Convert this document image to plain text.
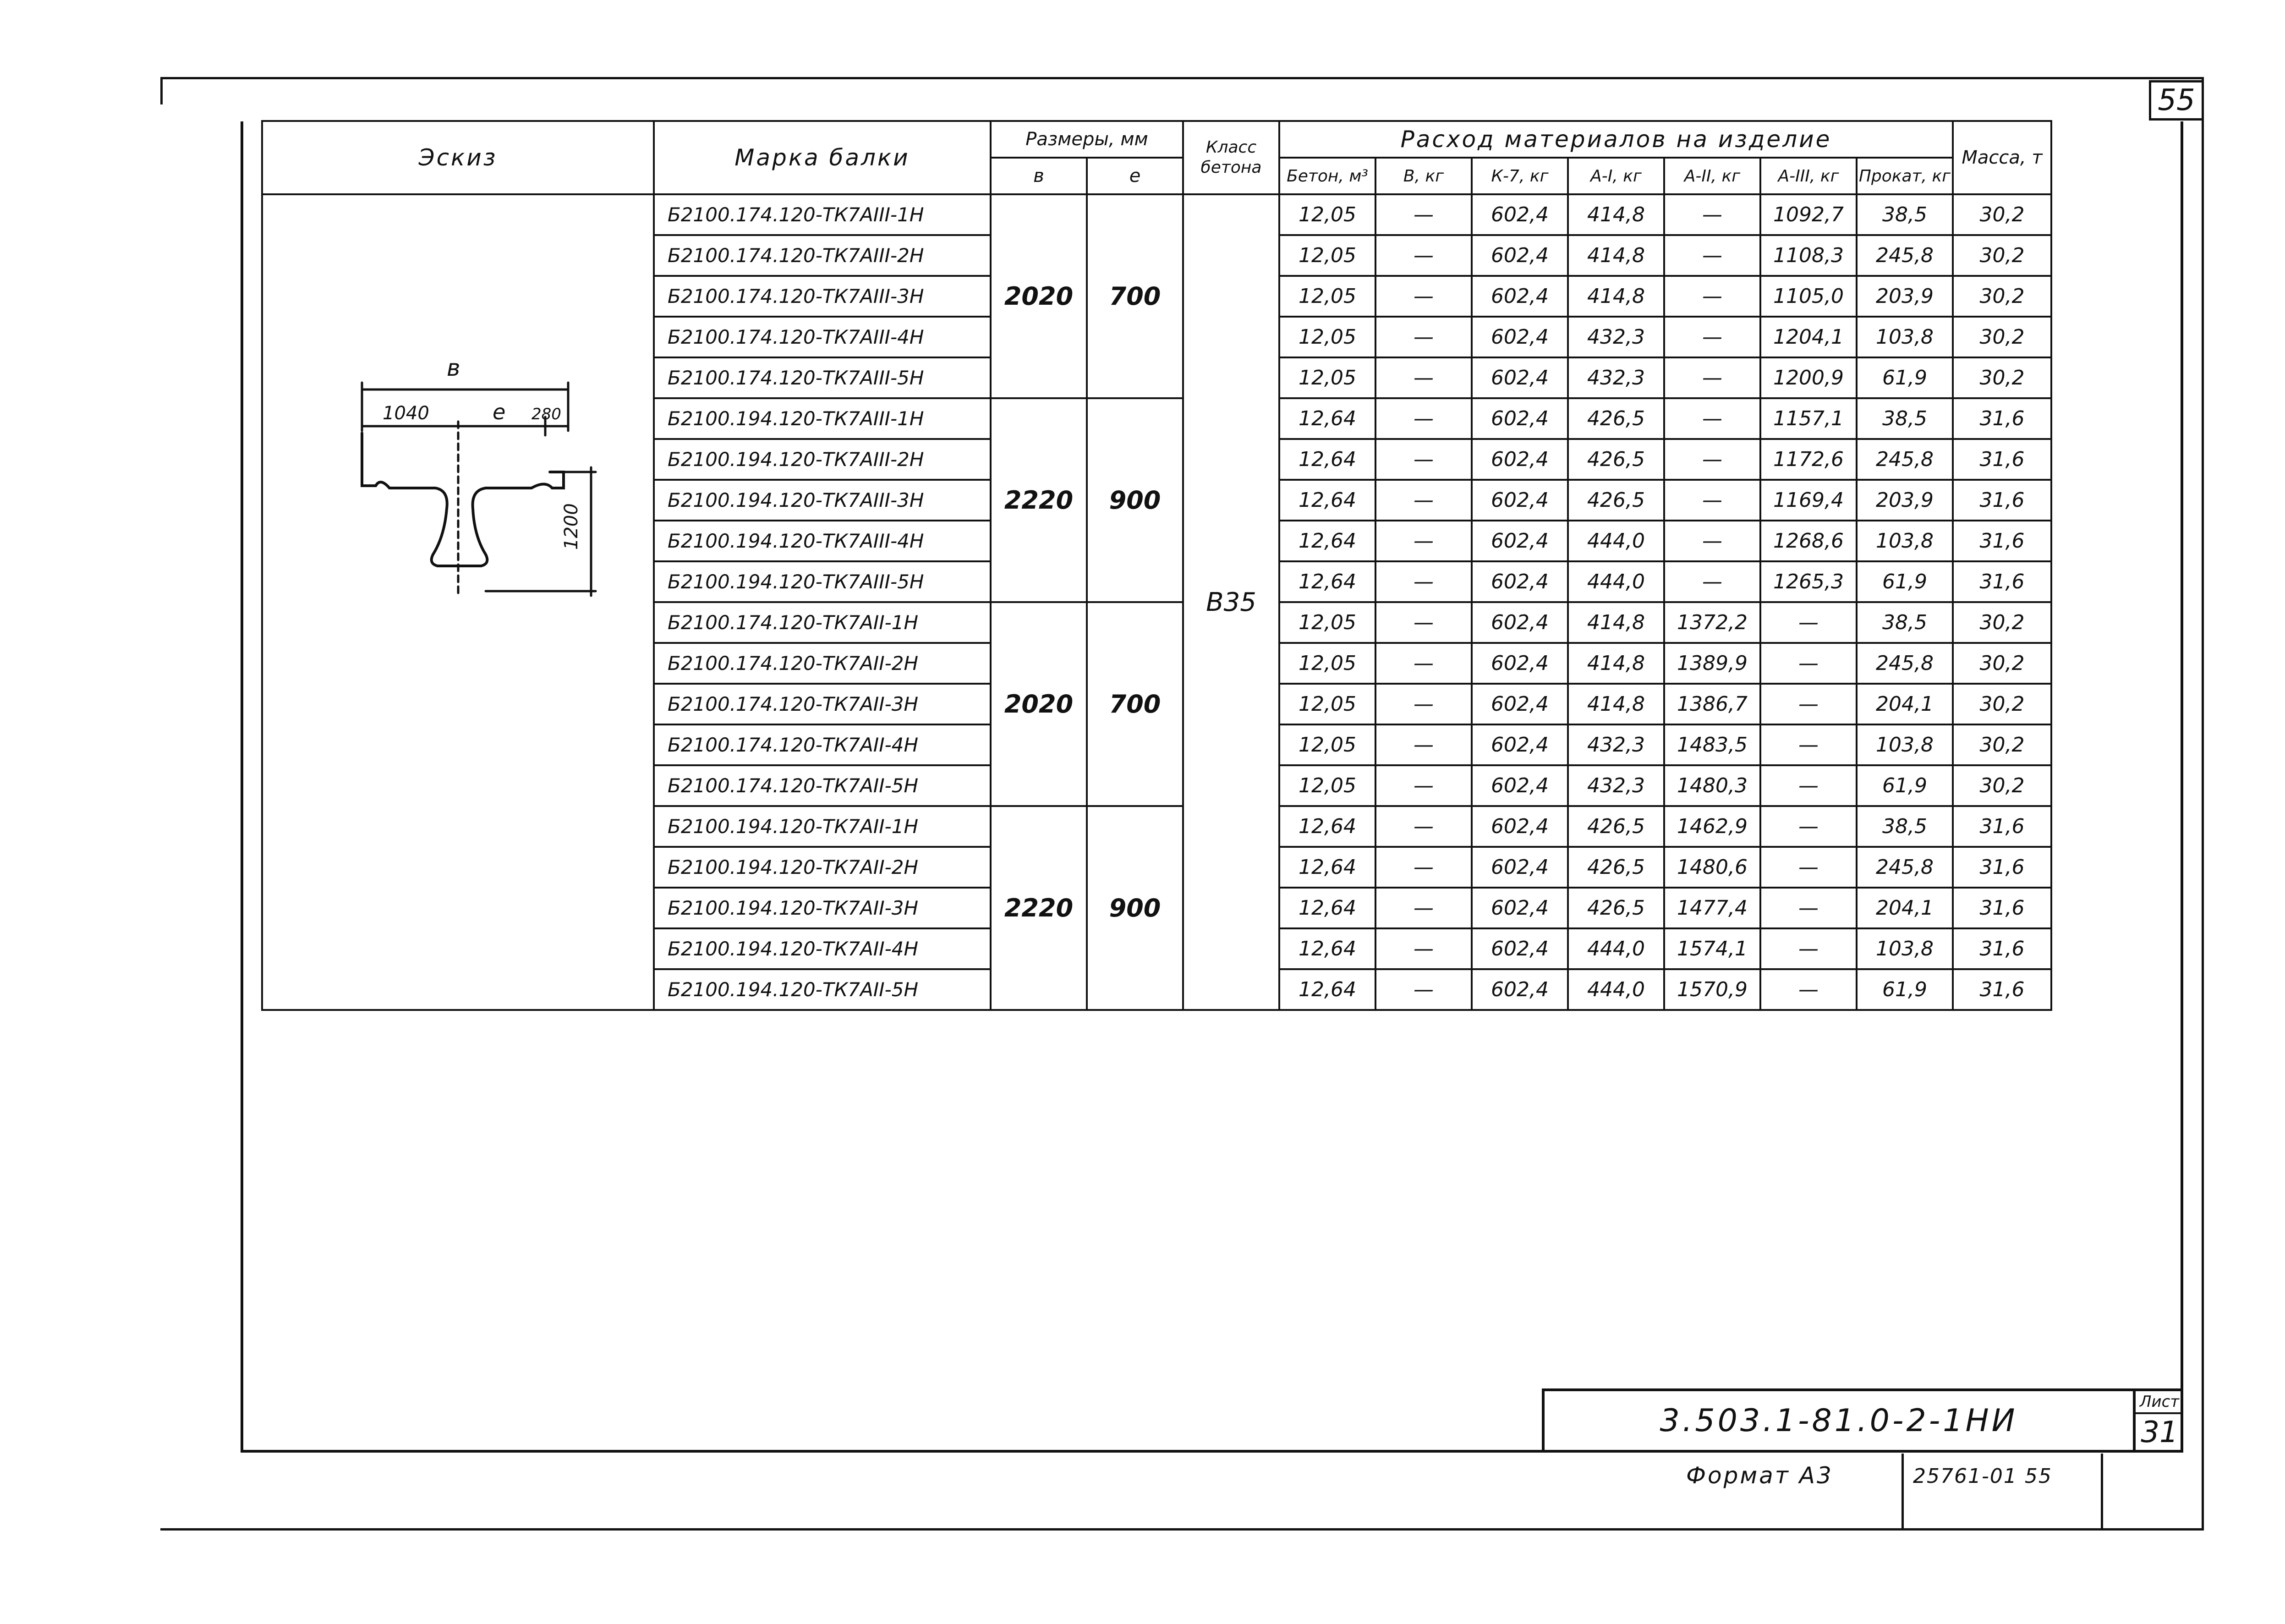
55
Эскиз	Марка балки	Размеры, мм		Класс бетона	Расход материалов на изделие							Масса, т
		в	е		Бетон, м³	В, кг	К-7, кг	А-I, кг	А-II, кг	А-III, кг	Прокат, кг	
	Б2100.174.120-ТК7АIII-1Н	2020	700	В35	12,05	—	602,4	414,8	—	1092,7	38,5	30,2
	Б2100.174.120-ТК7АIII-2Н				12,05	—	602,4	414,8	—	1108,3	245,8	30,2
	Б2100.174.120-ТК7АIII-3Н				12,05	—	602,4	414,8	—	1105,0	203,9	30,2
	Б2100.174.120-ТК7АIII-4Н				12,05	—	602,4	432,3	—	1204,1	103,8	30,2
	Б2100.174.120-ТК7АIII-5Н				12,05	—	602,4	432,3	—	1200,9	61,9	30,2
	Б2100.194.120-ТК7АIII-1Н	2220	900		12,64	—	602,4	426,5	—	1157,1	38,5	31,6
	Б2100.194.120-ТК7АIII-2Н				12,64	—	602,4	426,5	—	1172,6	245,8	31,6
	Б2100.194.120-ТК7АIII-3Н				12,64	—	602,4	426,5	—	1169,4	203,9	31,6
	Б2100.194.120-ТК7АIII-4Н				12,64	—	602,4	444,0	—	1268,6	103,8	31,6
	Б2100.194.120-ТК7АIII-5Н				12,64	—	602,4	444,0	—	1265,3	61,9	31,6
	Б2100.174.120-ТК7АII-1Н	2020	700		12,05	—	602,4	414,8	1372,2	—	38,5	30,2
	Б2100.174.120-ТК7АII-2Н				12,05	—	602,4	414,8	1389,9	—	245,8	30,2
	Б2100.174.120-ТК7АII-3Н				12,05	—	602,4	414,8	1386,7	—	204,1	30,2
	Б2100.174.120-ТК7АII-4Н				12,05	—	602,4	432,3	1483,5	—	103,8	30,2
	Б2100.174.120-ТК7АII-5Н				12,05	—	602,4	432,3	1480,3	—	61,9	30,2
	Б2100.194.120-ТК7АII-1Н	2220	900		12,64	—	602,4	426,5	1462,9	—	38,5	31,6
	Б2100.194.120-ТК7АII-2Н				12,64	—	602,4	426,5	1480,6	—	245,8	31,6
	Б2100.194.120-ТК7АII-3Н				12,64	—	602,4	426,5	1477,4	—	204,1	31,6
	Б2100.194.120-ТК7АII-4Н				12,64	—	602,4	444,0	1574,1	—	103,8	31,6
	Б2100.194.120-ТК7АII-5Н				12,64	—	602,4	444,0	1570,9	—	61,9	31,6
3.503.1-81.0-2-1НИ
Лист
31
Формат А3	25761-01 55
в
1040	е 280
1200
